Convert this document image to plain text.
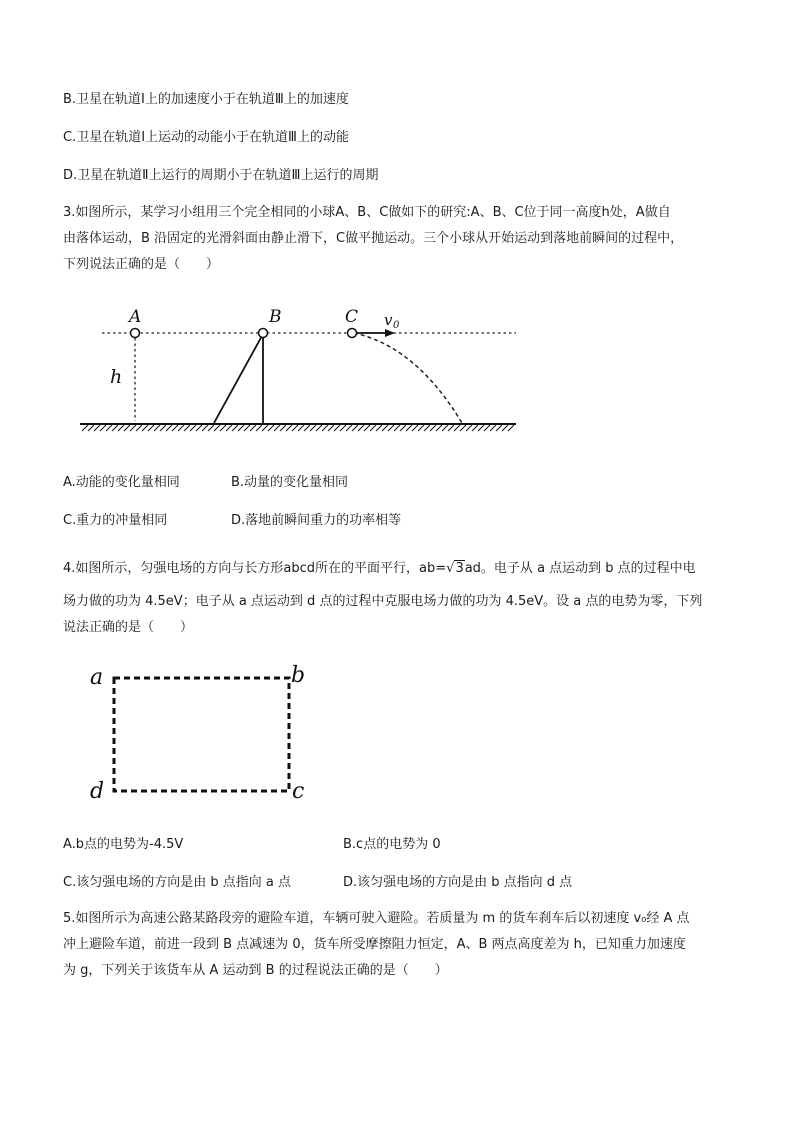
B.卫星在轨道Ⅰ上的加速度小于在轨道Ⅲ上的加速度
C.卫星在轨道Ⅰ上运动的动能小于在轨道Ⅲ上的动能
D.卫星在轨道Ⅱ上运行的周期小于在轨道Ⅲ上运行的周期
3.如图所示，某学习小组用三个完全相同的小球A、B、C做如下的研究:A、B、C位于同一高度h处，A做自
由落体运动，B 沿固定的光滑斜面由静止滑下，C做平抛运动。三个小球从开始运动到落地前瞬间的过程中，
下列说法正确的是（　　）
A	B	C
h
v 0
A.动能的变化量相同	B.动量的变化量相同
C.重力的冲量相同	D.落地前瞬间重力的功率相等
4.如图所示，匀强电场的方向与长方形abcd所在的平面平行，ab=√3ad。电子从 a 点运动到 b 点的过程中电
场力做的功为 4.5eV；电子从 a 点运动到 d 点的过程中克服电场力做的功为 4.5eV。设 a 点的电势为零，下列
说法正确的是（　　）
a	b
c
d
A.b点的电势为-4.5V	B.c点的电势为 0
C.该匀强电场的方向是由 b 点指向 a 点	D.该匀强电场的方向是由 b 点指向 d 点
5.如图所示为高速公路某路段旁的避险车道，车辆可驶入避险。若质量为 m 的货车刹车后以初速度 v₀经 A 点
冲上避险车道，前进一段到 B 点减速为 0，货车所受摩擦阻力恒定，A、B 两点高度差为 h，已知重力加速度
为 g，下列关于该货车从 A 运动到 B 的过程说法正确的是（　　）
